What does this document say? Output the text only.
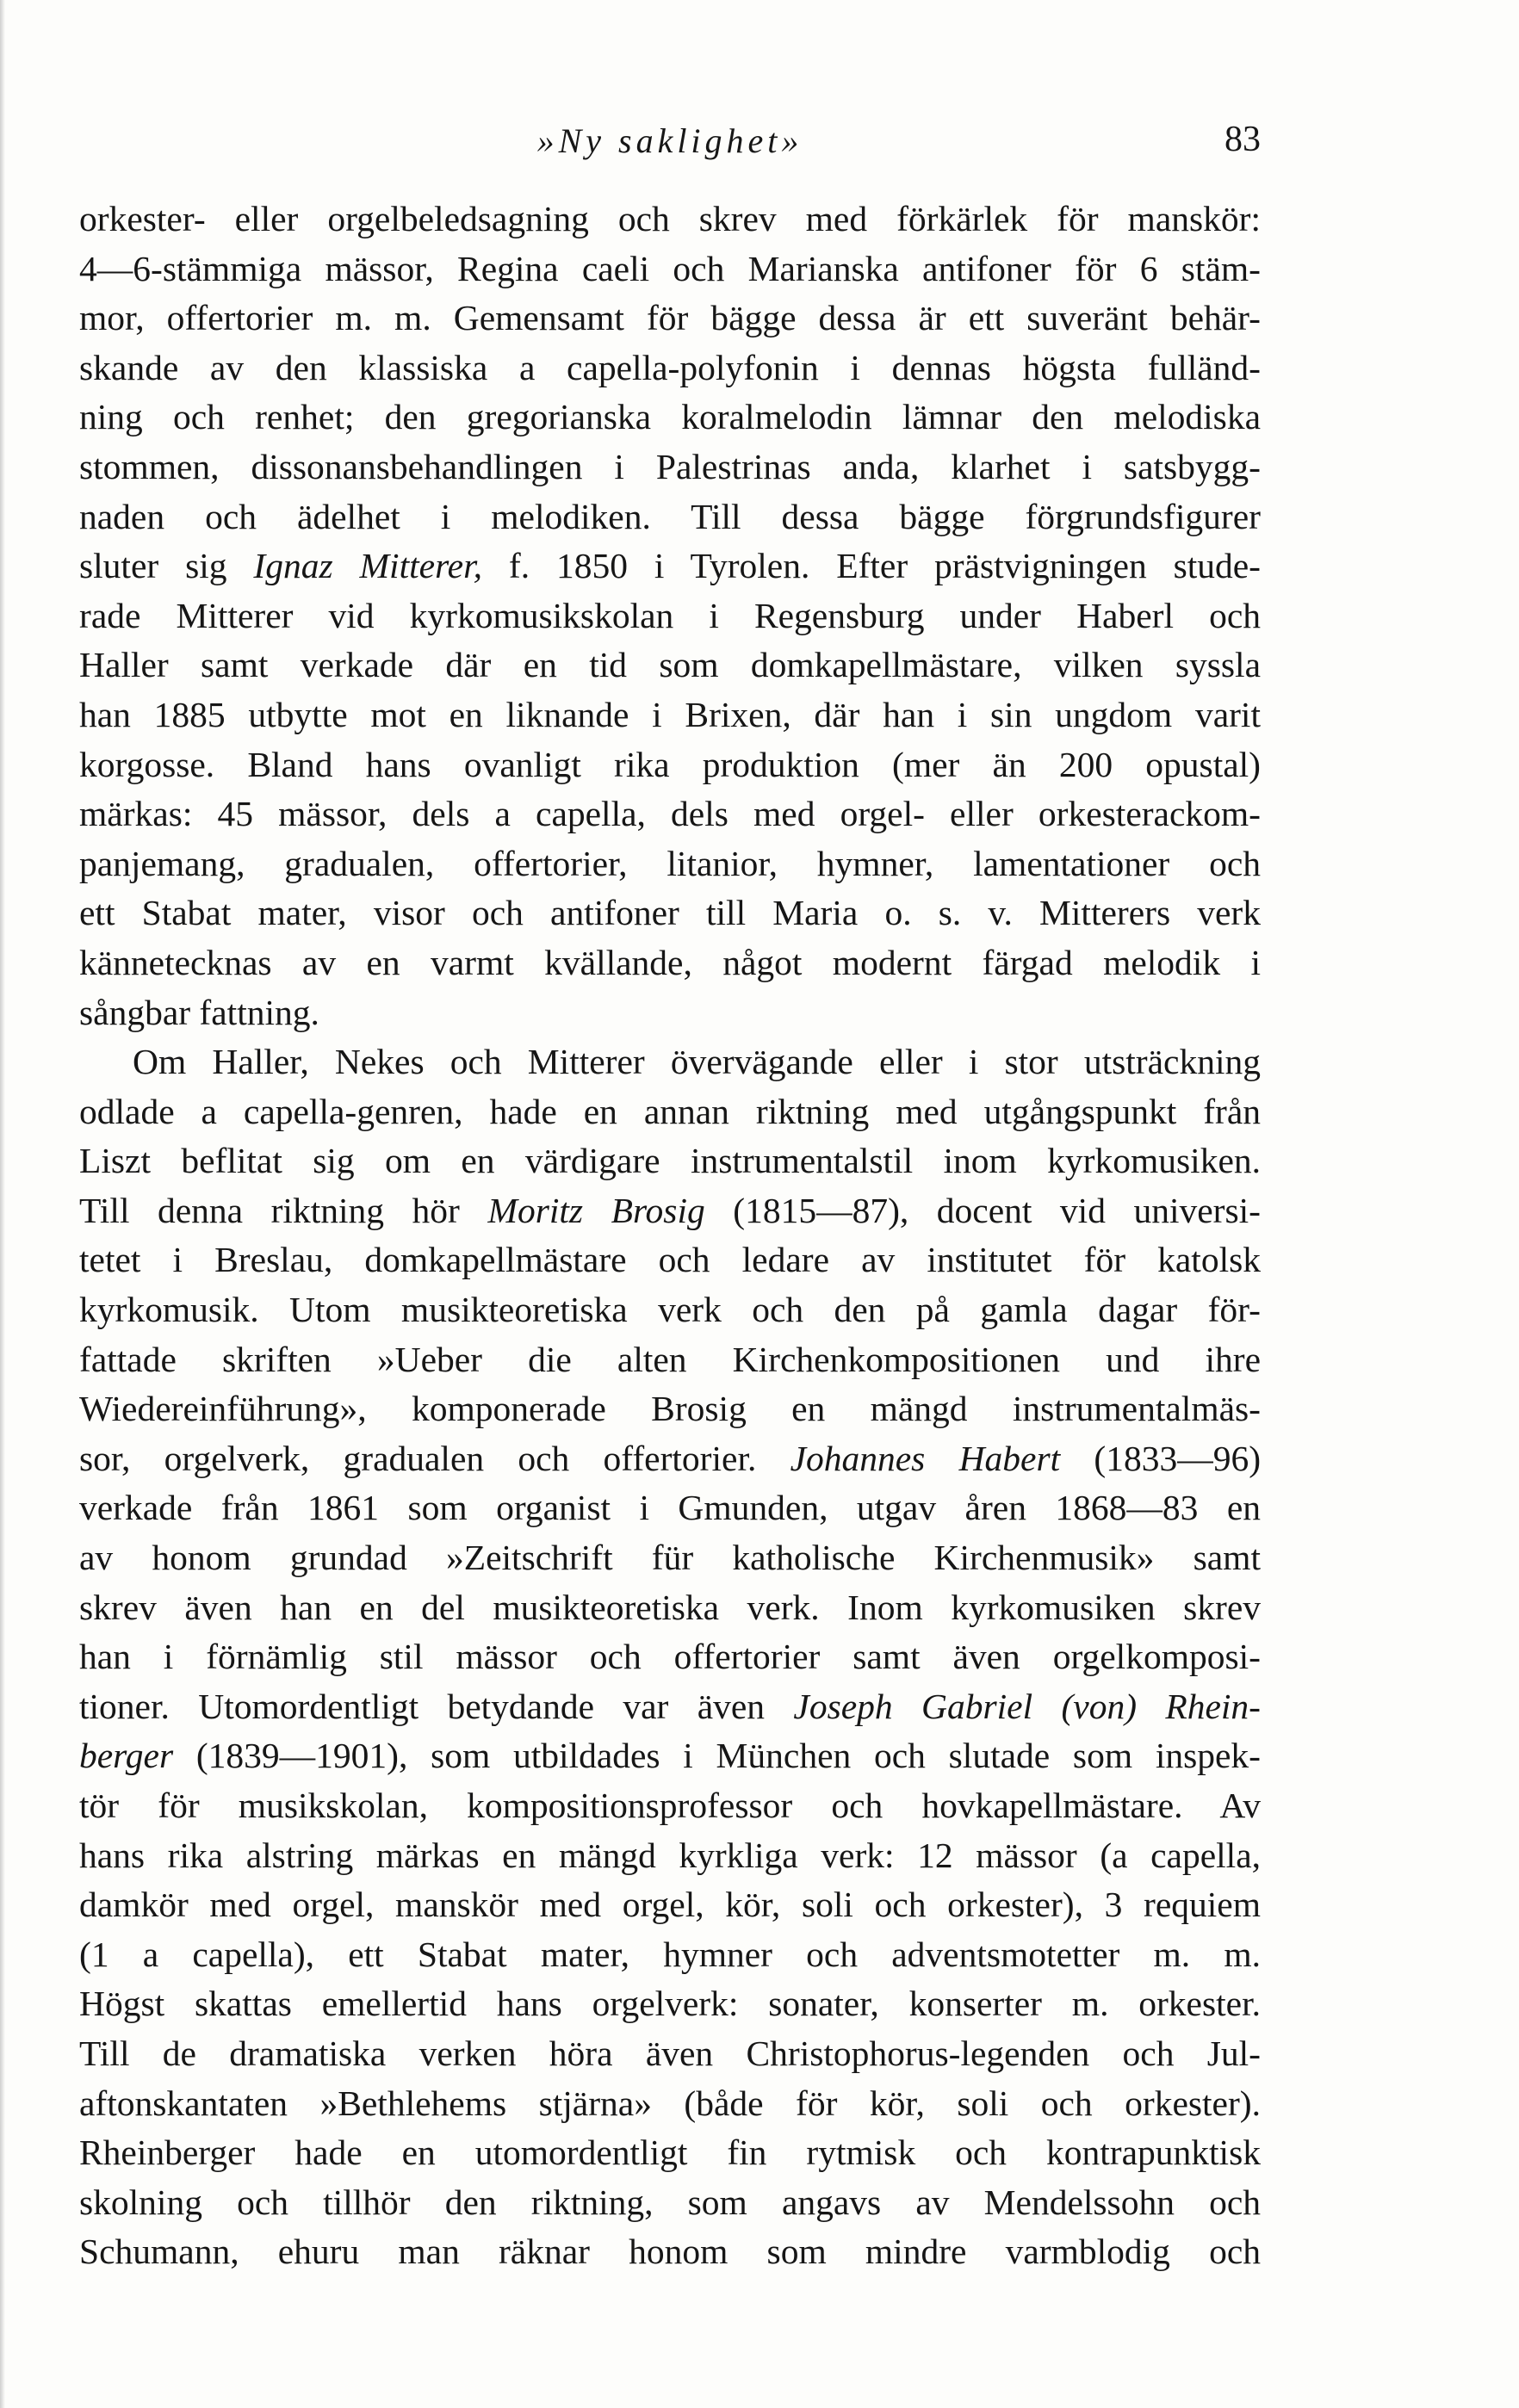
»Ny saklighet»	83
orkester- eller orgelbeledsagning och skrev med förkärlek för manskör:
4—6-stämmiga mässor, Regina caeli och Marianska antifoner för 6 stäm-
mor, offertorier m. m. Gemensamt för bägge dessa är ett suveränt behär-
skande av den klassiska a capella-polyfonin i dennas högsta fulländ-
ning och renhet; den gregorianska koralmelodin lämnar den melodiska
stommen, dissonansbehandlingen i Palestrinas anda, klarhet i satsbygg-
naden och ädelhet i melodiken. Till dessa bägge förgrundsfigurer
sluter sig Ignaz Mitterer, f. 1850 i Tyrolen. Efter prästvigningen stude-
rade Mitterer vid kyrkomusikskolan i Regensburg under Haberl och
Haller samt verkade där en tid som domkapellmästare, vilken syssla
han 1885 utbytte mot en liknande i Brixen, där han i sin ungdom varit
korgosse. Bland hans ovanligt rika produktion (mer än 200 opustal)
märkas: 45 mässor, dels a capella, dels med orgel- eller orkesterackom-
panjemang, gradualen, offertorier, litanior, hymner, lamentationer och
ett Stabat mater, visor och antifoner till Maria o. s. v. Mitterers verk
kännetecknas av en varmt kvällande, något modernt färgad melodik i
sångbar fattning.
Om Haller, Nekes och Mitterer övervägande eller i stor utsträckning
odlade a capella-genren, hade en annan riktning med utgångspunkt från
Liszt beflitat sig om en värdigare instrumentalstil inom kyrkomusiken.
Till denna riktning hör Moritz Brosig (1815—87), docent vid universi-
tetet i Breslau, domkapellmästare och ledare av institutet för katolsk
kyrkomusik. Utom musikteoretiska verk och den på gamla dagar för-
fattade skriften »Ueber die alten Kirchenkompositionen und ihre
Wiedereinführung», komponerade Brosig en mängd instrumentalmäs-
sor, orgelverk, gradualen och offertorier. Johannes Habert (1833—96)
verkade från 1861 som organist i Gmunden, utgav åren 1868—83 en
av honom grundad »Zeitschrift für katholische Kirchenmusik» samt
skrev även han en del musikteoretiska verk. Inom kyrkomusiken skrev
han i förnämlig stil mässor och offertorier samt även orgelkomposi-
tioner. Utomordentligt betydande var även Joseph Gabriel (von) Rhein-
berger (1839—1901), som utbildades i München och slutade som inspek-
tör för musikskolan, kompositionsprofessor och hovkapellmästare. Av
hans rika alstring märkas en mängd kyrkliga verk: 12 mässor (a capella,
damkör med orgel, manskör med orgel, kör, soli och orkester), 3 requiem
(1 a capella), ett Stabat mater, hymner och adventsmotetter m. m.
Högst skattas emellertid hans orgelverk: sonater, konserter m. orkester.
Till de dramatiska verken höra även Christophorus-legenden och Jul-
aftonskantaten »Bethlehems stjärna» (både för kör, soli och orkester).
Rheinberger hade en utomordentligt fin rytmisk och kontrapunktisk
skolning och tillhör den riktning, som angavs av Mendelssohn och
Schumann, ehuru man räknar honom som mindre varmblodig och
